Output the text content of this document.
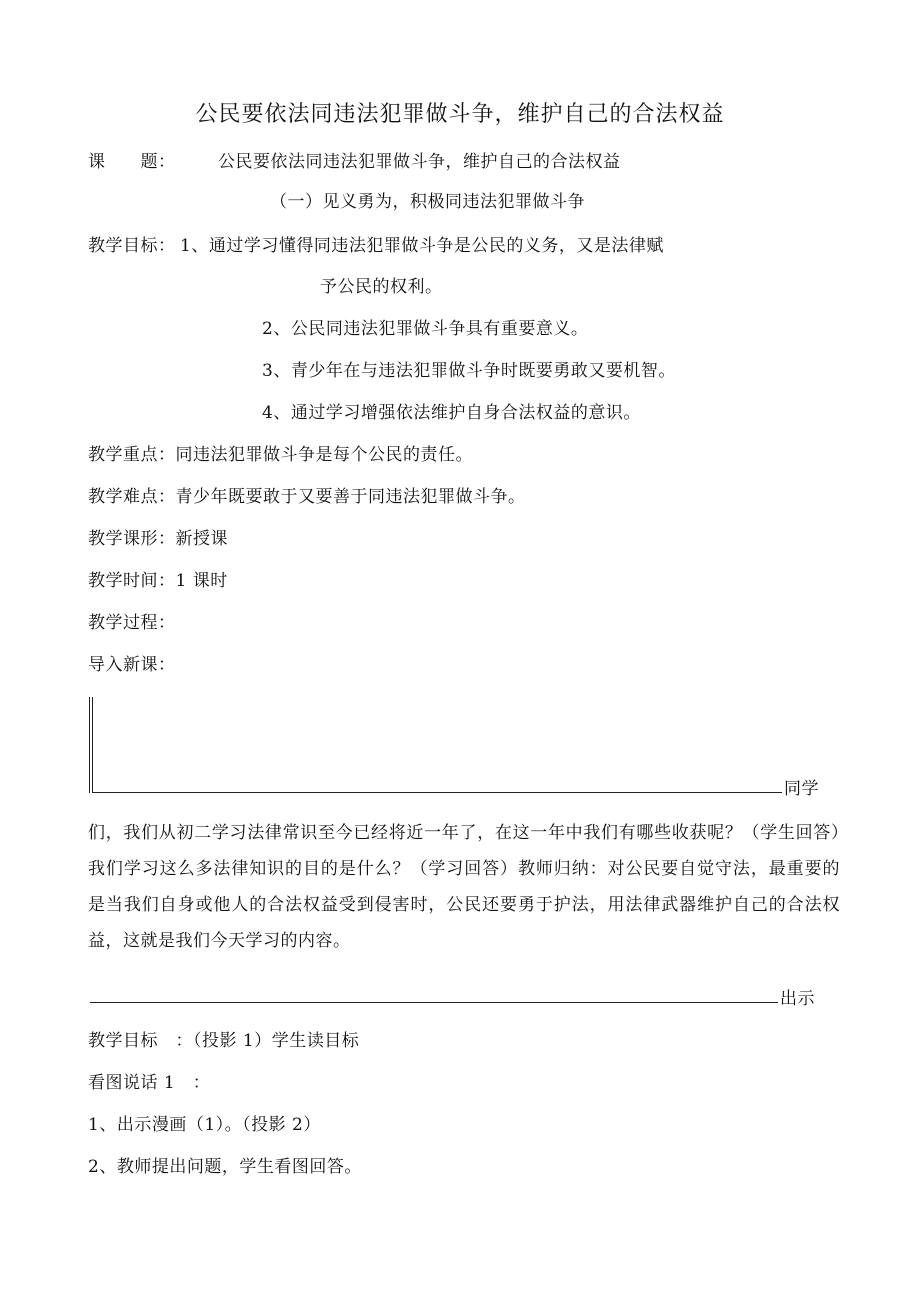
公民要依法同违法犯罪做斗争，维护自己的合法权益
课　　题：	公民要依法同违法犯罪做斗争，维护自己的合法权益
（一）见义勇为，积极同违法犯罪做斗争
教学目标： 1、通过学习懂得同违法犯罪做斗争是公民的义务，又是法律赋
予公民的权利。
2、公民同违法犯罪做斗争具有重要意义。
3、青少年在与违法犯罪做斗争时既要勇敢又要机智。
4、通过学习增强依法维护自身合法权益的意识。
教学重点：同违法犯罪做斗争是每个公民的责任。
教学难点：青少年既要敢于又要善于同违法犯罪做斗争。
教学课形：新授课
教学时间：1 课时
教学过程：
导入新课：
同学
们，我们从初二学习法律常识至今已经将近一年了，在这一年中我们有哪些收获呢？（学生回答）　　　我们学习这么多法律知识的目的是什么？（学习回答）教师归纳：对公民要自觉守法，最重要的是当我们自身或他人的合法权益受到侵害时，公民还要勇于护法，用法律武器维护自己的合法权益，这就是我们今天学习的内容。
出示
教学目标　：（投影 1）学生读目标
看图说话 1　：
1、出示漫画（1）。（投影 2）
2、教师提出问题，学生看图回答。
